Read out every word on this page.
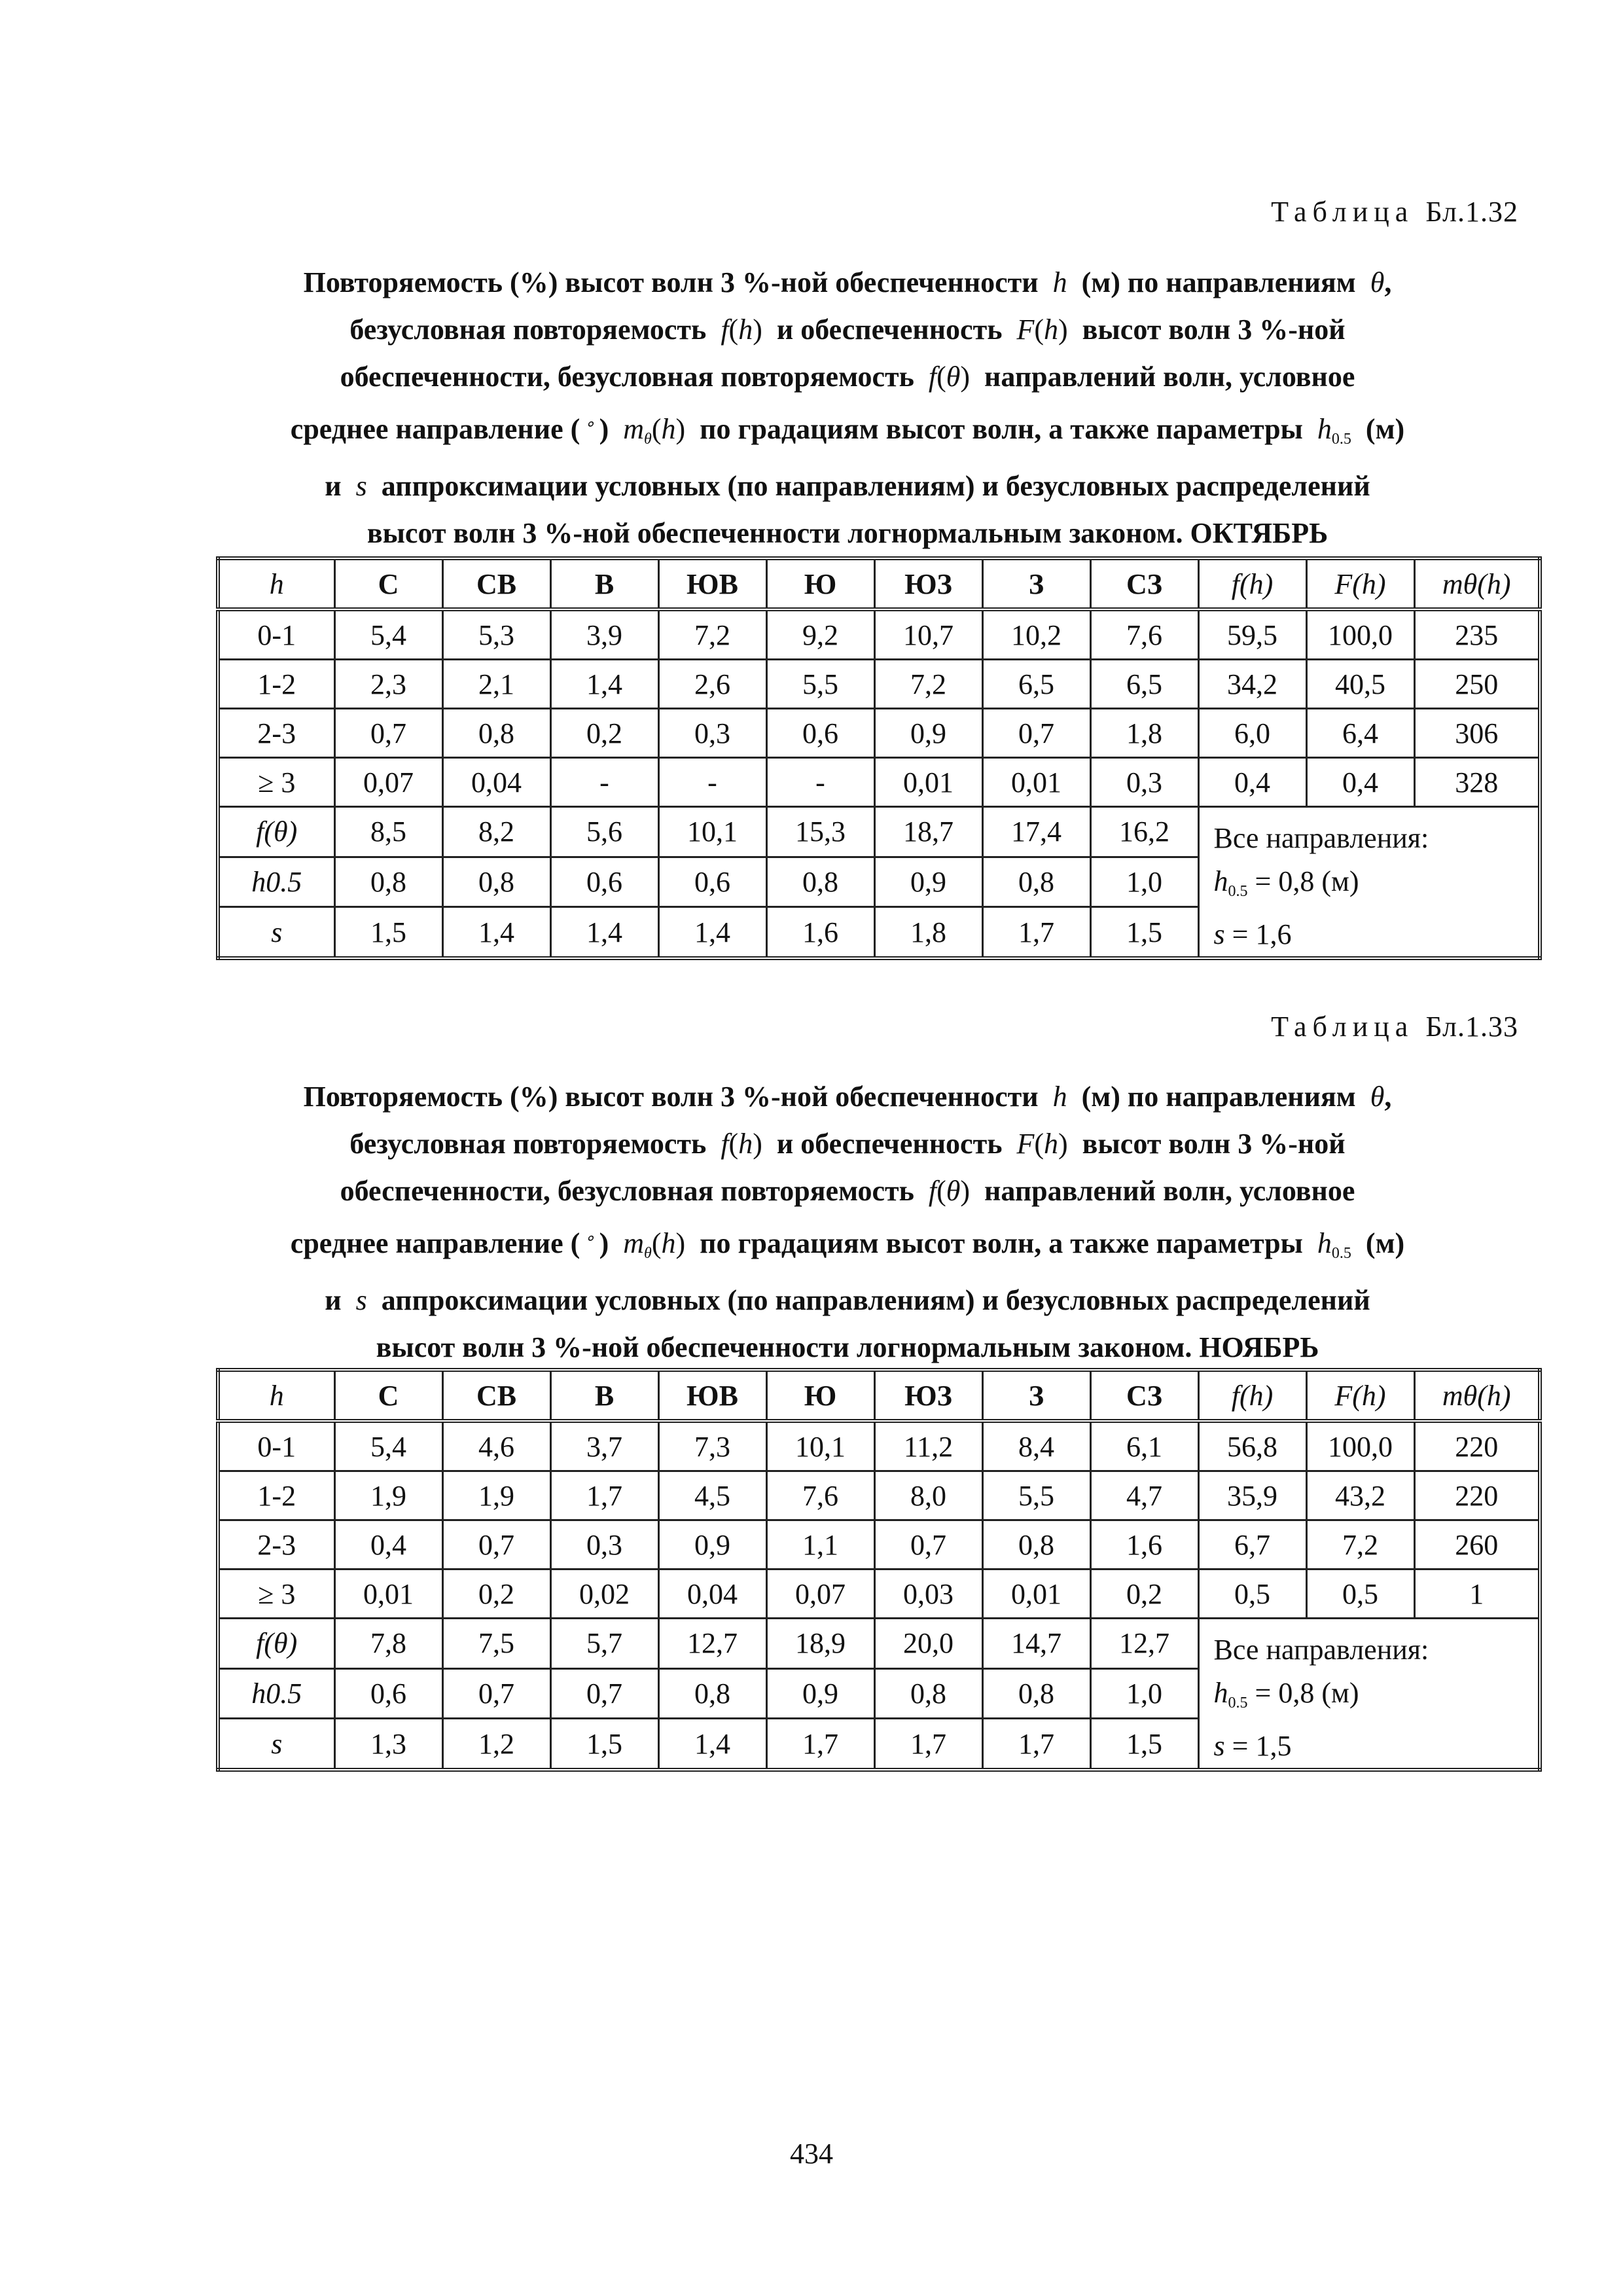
Таблица Бл.1.32
Повторяемость (%) высот волн 3 %-ной обеспеченности  h  (м) по направлениям  θ,
безусловная повторяемость  f(h) и обеспеченность  F(h) высот волн 3 %-ной
обеспеченности, безусловная повторяемость  f(θ) направлений волн, условное
среднее направление ( ∘ )  mθ(h) по градациям высот волн, а также параметры  $h_{0.5}$ (м)
и  s  аппроксимации условных (по направлениям) и безусловных распределений
высот волн 3 %-ной обеспеченности логнормальным законом. ОКТЯБРЬ
h	С	СВ	В	ЮВ	Ю	ЮЗ	З	СЗ	f(h)	F(h)	mθ(h)
0-1	5,4	5,3	3,9	7,2	9,2	10,7	10,2	7,6	59,5	100,0	235
1-2	2,3	2,1	1,4	2,6	5,5	7,2	6,5	6,5	34,2	40,5	250
2-3	0,7	0,8	0,2	0,3	0,6	0,9	0,7	1,8	6,0	6,4	306
≥ 3	0,07	0,04	-	-	-	0,01	0,01	0,3	0,4	0,4	328
f(θ)	8,5	8,2	5,6	10,1	15,3	18,7	17,4	16,2	Все направления:
$h_{0.5} = 0,8$ (м)
s = 1,6		

h0.5	0,8	0,8	0,6	0,6	0,8	0,9	0,8	1,0			
s	1,5	1,4	1,4	1,4	1,6	1,8	1,7	1,5			
Таблица Бл.1.33
Повторяемость (%) высот волн 3 %-ной обеспеченности  h  (м) по направлениям  θ,
безусловная повторяемость  f(h) и обеспеченность  F(h) высот волн 3 %-ной
обеспеченности, безусловная повторяемость  f(θ) направлений волн, условное
среднее направление ( ∘ )  mθ(h) по градациям высот волн, а также параметры  $h_{0.5}$ (м)
и  s  аппроксимации условных (по направлениям) и безусловных распределений
высот волн 3 %-ной обеспеченности логнормальным законом. НОЯБРЬ
h	С	СВ	В	ЮВ	Ю	ЮЗ	З	СЗ	f(h)	F(h)	mθ(h)
0-1	5,4	4,6	3,7	7,3	10,1	11,2	8,4	6,1	56,8	100,0	220
1-2	1,9	1,9	1,7	4,5	7,6	8,0	5,5	4,7	35,9	43,2	220
2-3	0,4	0,7	0,3	0,9	1,1	0,7	0,8	1,6	6,7	7,2	260
≥ 3	0,01	0,2	0,02	0,04	0,07	0,03	0,01	0,2	0,5	0,5	1
f(θ)	7,8	7,5	5,7	12,7	18,9	20,0	14,7	12,7	Все направления:
$h_{0.5} = 0,8$ (м)
s = 1,5		

h0.5	0,6	0,7	0,7	0,8	0,9	0,8	0,8	1,0			
s	1,3	1,2	1,5	1,4	1,7	1,7	1,7	1,5			
434
